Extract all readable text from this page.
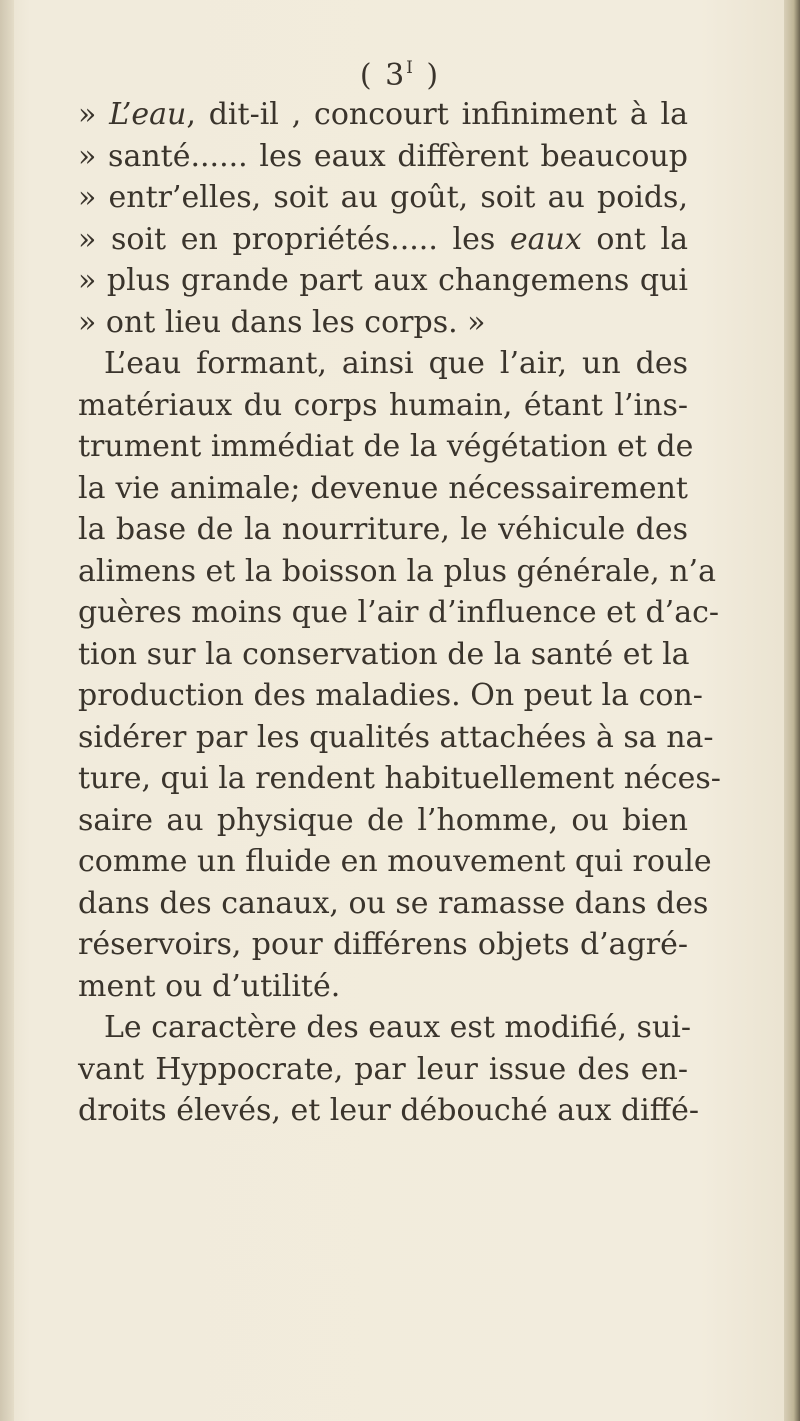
( $3^I$ )
» L’eau, dit-il , concourt infiniment à la
» santé...... les eaux diffèrent beaucoup
» entr’elles, soit au goût, soit au poids,
» soit en propriétés..... les eaux ont la
» plus grande part aux changemens qui
» ont lieu dans les corps. »
L’eau formant, ainsi que l’air, un des
matériaux du corps humain, étant l’ins-
trument immédiat de la végétation et de
la vie animale; devenue nécessairement
la base de la nourriture, le véhicule des
alimens et la boisson la plus générale, n’a
guères moins que l’air d’influence et d’ac-
tion sur la conservation de la santé et la
production des maladies. On peut la con-
sidérer par les qualités attachées à sa na-
ture, qui la rendent habituellement néces-
saire au physique de l’homme, ou bien
comme un fluide en mouvement qui roule
dans des canaux, ou se ramasse dans des
réservoirs, pour différens objets d’agré-
ment ou d’utilité.
Le caractère des eaux est modifié, sui-
vant Hyppocrate, par leur issue des en-
droits élevés, et leur débouché aux diffé-
